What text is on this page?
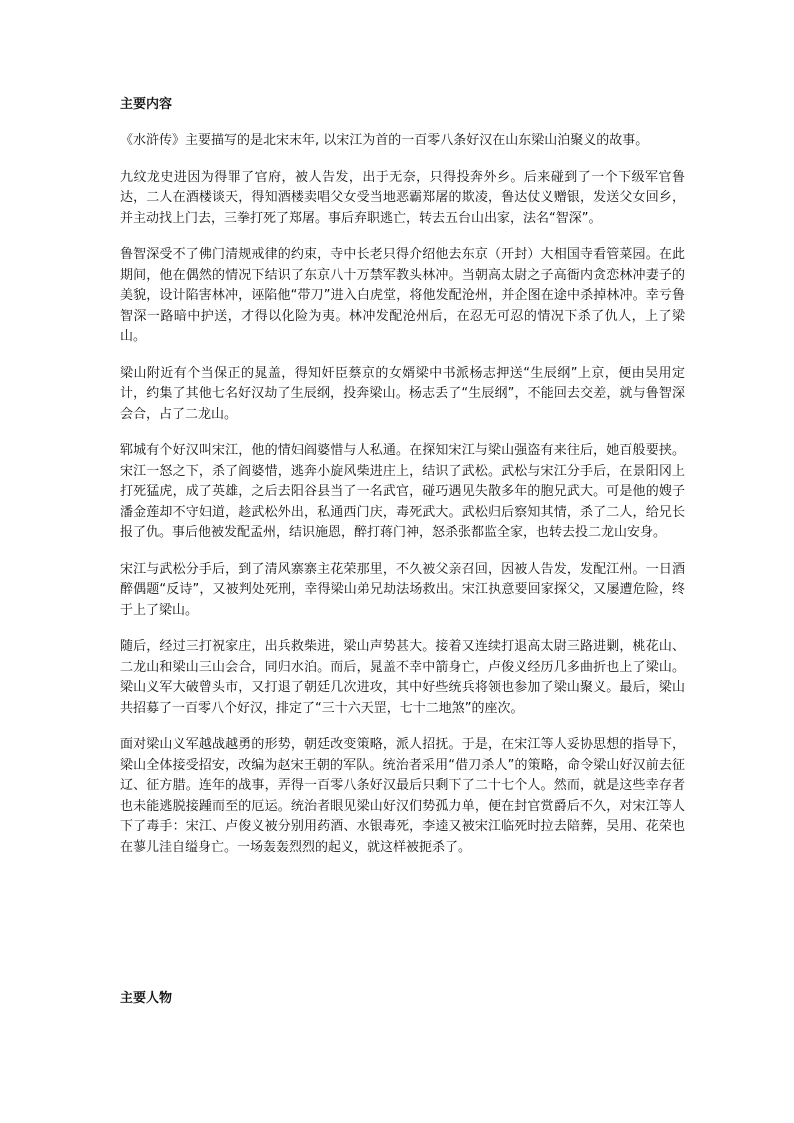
主要内容

《水浒传》主要描写的是北宋末年, 以宋江为首的一百零八条好汉在山东梁山泊聚义的故事。

九纹龙史进因为得罪了官府，被人告发，出于无奈，只得投奔外乡。后来碰到了一个下级军官鲁达，二人在酒楼谈天，得知酒楼卖唱父女受当地恶霸郑屠的欺凌，鲁达仗义赠银，发送父女回乡，并主动找上门去，三拳打死了郑屠。事后弃职逃亡，转去五台山出家，法名“智深”。

鲁智深受不了佛门清规戒律的约束，寺中长老只得介绍他去东京（开封）大相国寺看管菜园。在此期间，他在偶然的情况下结识了东京八十万禁军教头林冲。当朝高太尉之子高衙内贪恋林冲妻子的美貌，设计陷害林冲，诬陷他“带刀”进入白虎堂，将他发配沧州，并企图在途中杀掉林冲。幸亏鲁智深一路暗中护送，才得以化险为夷。林冲发配沧州后，在忍无可忍的情况下杀了仇人，上了梁山。

梁山附近有个当保正的晁盖，得知奸臣蔡京的女婿梁中书派杨志押送“生辰纲”上京，便由吴用定计，约集了其他七名好汉劫了生辰纲，投奔梁山。杨志丢了“生辰纲”，不能回去交差，就与鲁智深会合，占了二龙山。

郓城有个好汉叫宋江，他的情妇阎婆惜与人私通。在探知宋江与梁山强盗有来往后，她百般要挟。宋江一怒之下，杀了阎婆惜，逃奔小旋风柴进庄上，结识了武松。武松与宋江分手后，在景阳冈上打死猛虎，成了英雄，之后去阳谷县当了一名武官，碰巧遇见失散多年的胞兄武大。可是他的嫂子潘金莲却不守妇道，趁武松外出，私通西门庆，毒死武大。武松归后察知其情，杀了二人，给兄长报了仇。事后他被发配孟州，结识施恩，醉打蒋门神，怒杀张都监全家，也转去投二龙山安身。

宋江与武松分手后，到了清风寨寨主花荣那里，不久被父亲召回，因被人告发，发配江州。一日酒醉偶题“反诗”，又被判处死刑，幸得梁山弟兄劫法场救出。宋江执意要回家探父，又屡遭危险，终于上了梁山。

随后，经过三打祝家庄，出兵救柴进，梁山声势甚大。接着又连续打退高太尉三路进剿，桃花山、二龙山和梁山三山会合，同归水泊。而后，晁盖不幸中箭身亡，卢俊义经历几多曲折也上了梁山。梁山义军大破曾头市，又打退了朝廷几次进攻，其中好些统兵将领也参加了梁山聚义。最后，梁山共招募了一百零八个好汉，排定了“三十六天罡，七十二地煞”的座次。

面对梁山义军越战越勇的形势，朝廷改变策略，派人招抚。于是，在宋江等人妥协思想的指导下，梁山全体接受招安，改编为赵宋王朝的军队。统治者采用“借刀杀人”的策略，命令梁山好汉前去征辽、征方腊。连年的战事，弄得一百零八条好汉最后只剩下了二十七个人。然而，就是这些幸存者也未能逃脱接踵而至的厄运。统治者眼见梁山好汉们势孤力单，便在封官赏爵后不久，对宋江等人下了毒手：宋江、卢俊义被分别用药酒、水银毒死，李逵又被宋江临死时拉去陪葬，吴用、花荣也在蓼儿洼自缢身亡。一场轰轰烈烈的起义，就这样被扼杀了。

主要人物
